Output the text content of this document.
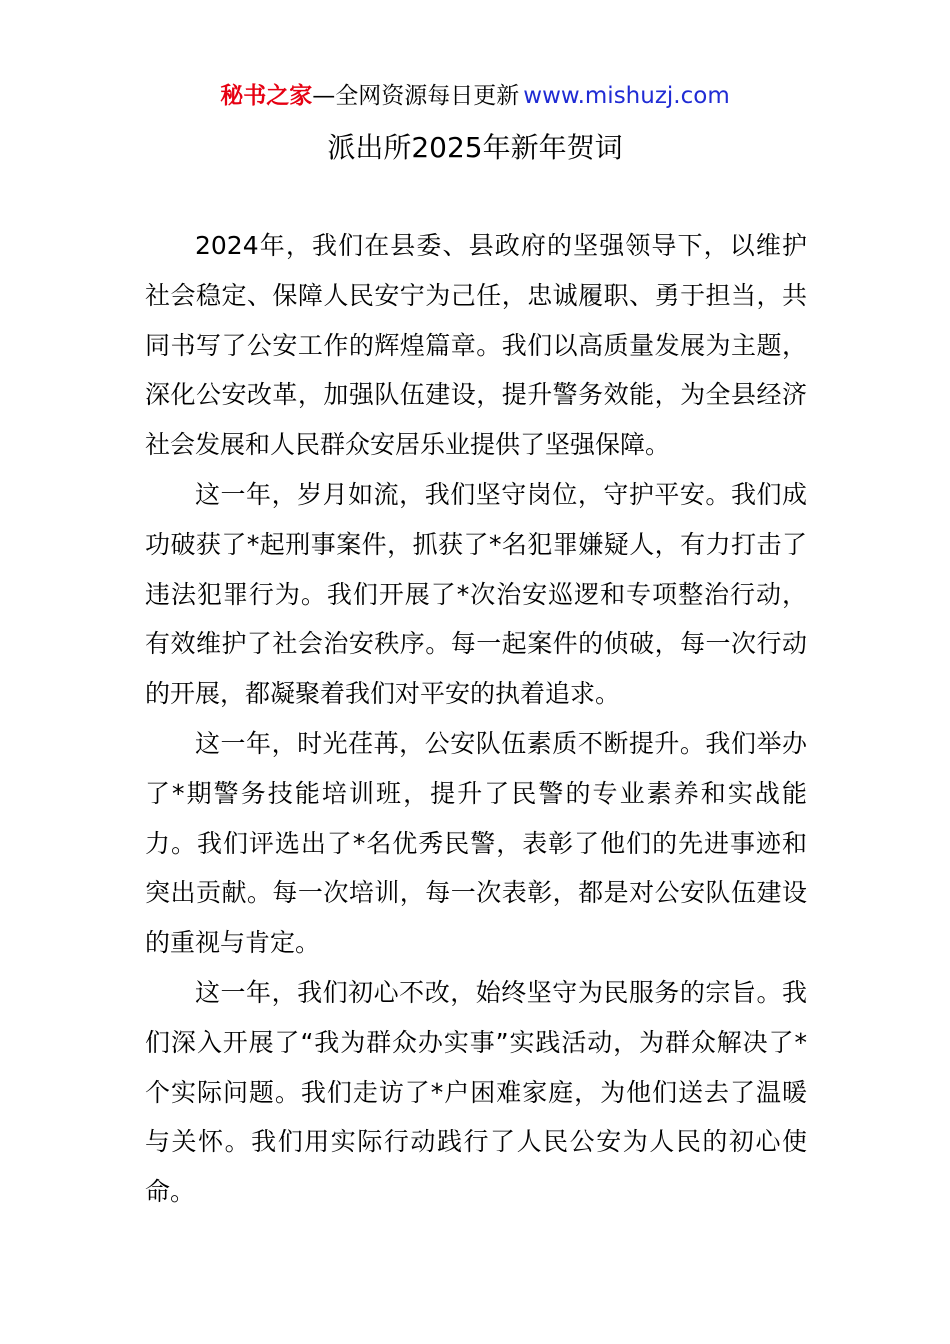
秘书之家—全网资源每日更新 www.mishuzj.com
派出所2025年新年贺词

2024年，我们在县委、县政府的坚强领导下，以维护社会稳定、保障人民安宁为己任，忠诚履职、勇于担当，共同书写了公安工作的辉煌篇章。我们以高质量发展为主题，深化公安改革，加强队伍建设，提升警务效能，为全县经济社会发展和人民群众安居乐业提供了坚强保障。

这一年，岁月如流，我们坚守岗位，守护平安。我们成功破获了*起刑事案件，抓获了*名犯罪嫌疑人，有力打击了违法犯罪行为。我们开展了*次治安巡逻和专项整治行动，有效维护了社会治安秩序。每一起案件的侦破，每一次行动的开展，都凝聚着我们对平安的执着追求。

这一年，时光荏苒，公安队伍素质不断提升。我们举办了*期警务技能培训班，提升了民警的专业素养和实战能力。我们评选出了*名优秀民警，表彰了他们的先进事迹和突出贡献。每一次培训，每一次表彰，都是对公安队伍建设的重视与肯定。

这一年，我们初心不改，始终坚守为民服务的宗旨。我们深入开展了“我为群众办实事”实践活动，为群众解决了*个实际问题。我们走访了*户困难家庭，为他们送去了温暖与关怀。我们用实际行动践行了人民公安为人民的初心使命。
